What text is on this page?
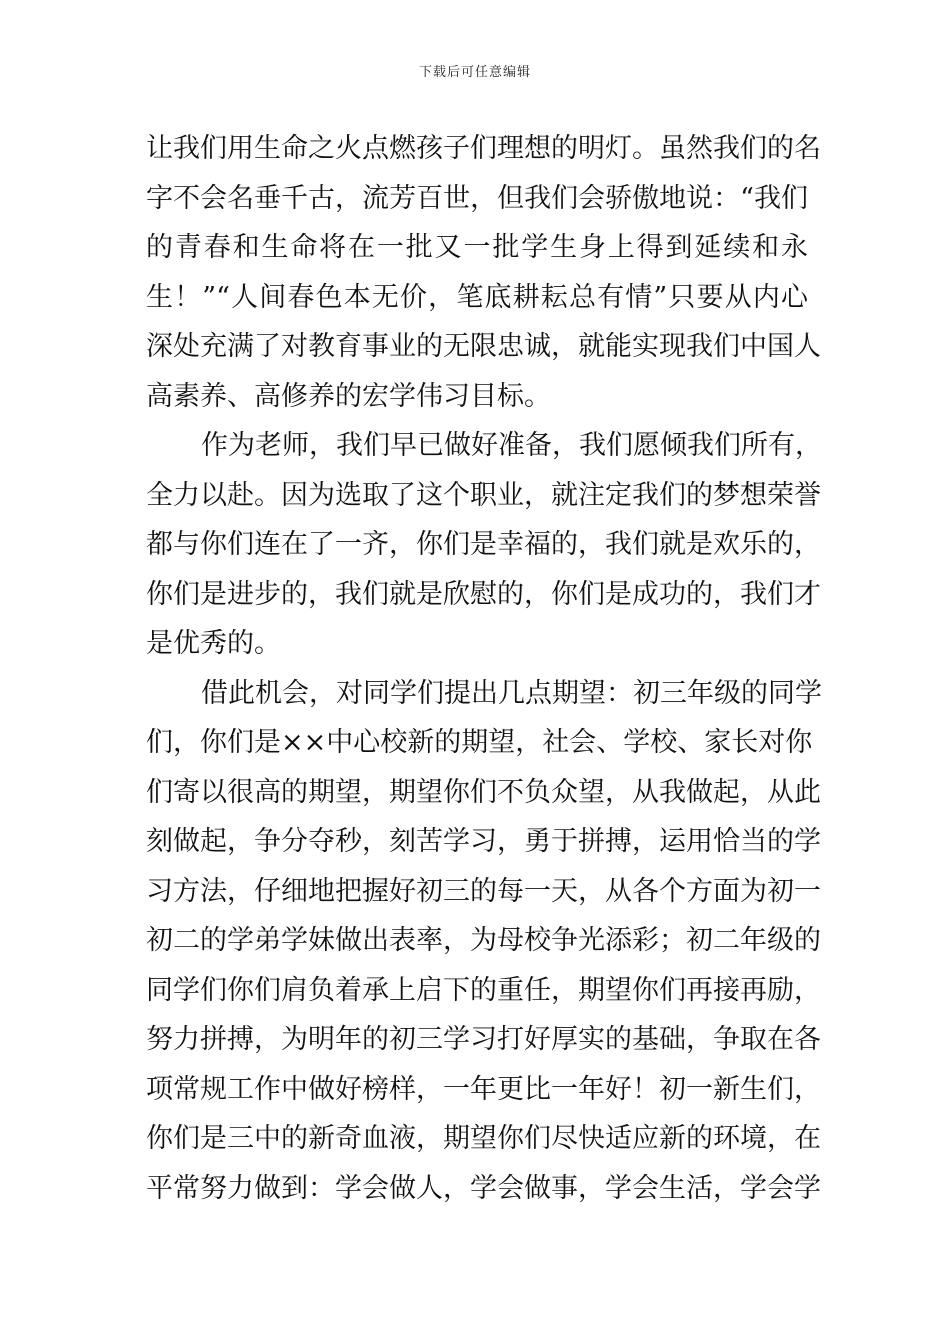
下载后可任意编辑
让我们用生命之火点燃孩子们理想的明灯。虽然我们的名
字不会名垂千古，流芳百世，但我们会骄傲地说：“我们
的青春和生命将在一批又一批学生身上得到延续和永
生！”“人间春色本无价，笔底耕耘总有情”只要从内心
深处充满了对教育事业的无限忠诚，就能实现我们中国人
高素养、高修养的宏学伟习目标。
作为老师，我们早已做好准备，我们愿倾我们所有，
全力以赴。因为选取了这个职业，就注定我们的梦想荣誉
都与你们连在了一齐，你们是幸福的，我们就是欢乐的，
你们是进步的，我们就是欣慰的，你们是成功的，我们才
是优秀的。
借此机会，对同学们提出几点期望：初三年级的同学
们，你们是××中心校新的期望，社会、学校、家长对你
们寄以很高的期望，期望你们不负众望，从我做起，从此
刻做起，争分夺秒，刻苦学习，勇于拼搏，运用恰当的学
习方法，仔细地把握好初三的每一天，从各个方面为初一
初二的学弟学妹做出表率，为母校争光添彩；初二年级的
同学们你们肩负着承上启下的重任，期望你们再接再励，
努力拼搏，为明年的初三学习打好厚实的基础，争取在各
项常规工作中做好榜样，一年更比一年好！初一新生们，
你们是三中的新奇血液，期望你们尽快适应新的环境，在
平常努力做到：学会做人，学会做事，学会生活，学会学
